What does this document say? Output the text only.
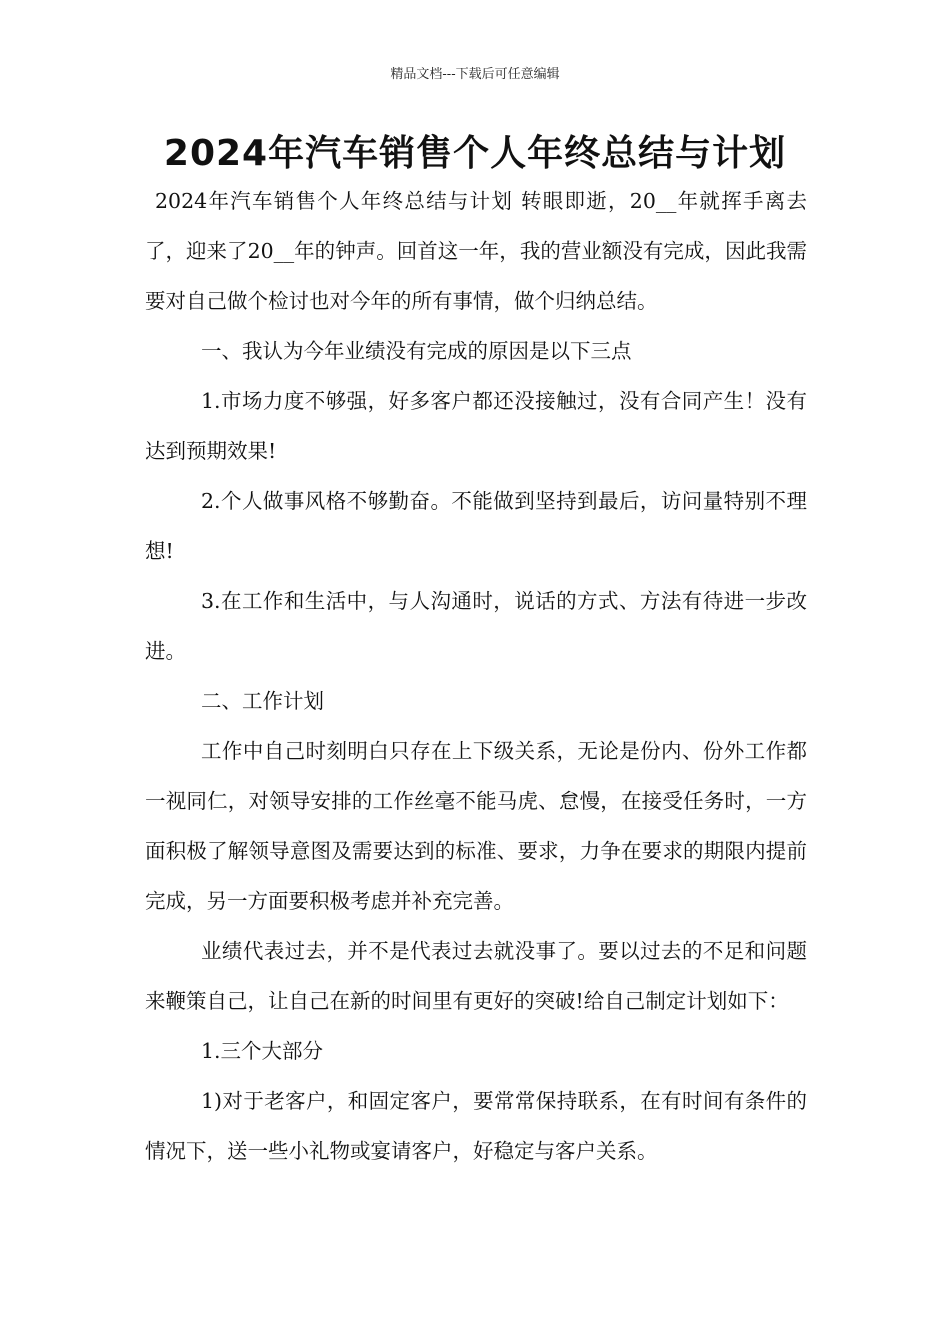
精品文档---下载后可任意编辑
2024年汽车销售个人年终总结与计划

2024年汽车销售个人年终总结与计划 转眼即逝，20__年就挥手离去了，迎来了20__年的钟声。回首这一年，我的营业额没有完成，因此我需要对自己做个检讨也对今年的所有事情，做个归纳总结。

一、我认为今年业绩没有完成的原因是以下三点

1.市场力度不够强，好多客户都还没接触过，没有合同产生！没有达到预期效果!

2.个人做事风格不够勤奋。不能做到坚持到最后，访问量特别不理想!

3.在工作和生活中，与人沟通时，说话的方式、方法有待进一步改进。

二、工作计划

工作中自己时刻明白只存在上下级关系，无论是份内、份外工作都一视同仁，对领导安排的工作丝毫不能马虎、怠慢，在接受任务时，一方面积极了解领导意图及需要达到的标准、要求，力争在要求的期限内提前完成，另一方面要积极考虑并补充完善。

业绩代表过去，并不是代表过去就没事了。要以过去的不足和问题来鞭策自己，让自己在新的时间里有更好的突破!给自己制定计划如下：

1.三个大部分

1)对于老客户，和固定客户，要常常保持联系，在有时间有条件的情况下，送一些小礼物或宴请客户，好稳定与客户关系。
